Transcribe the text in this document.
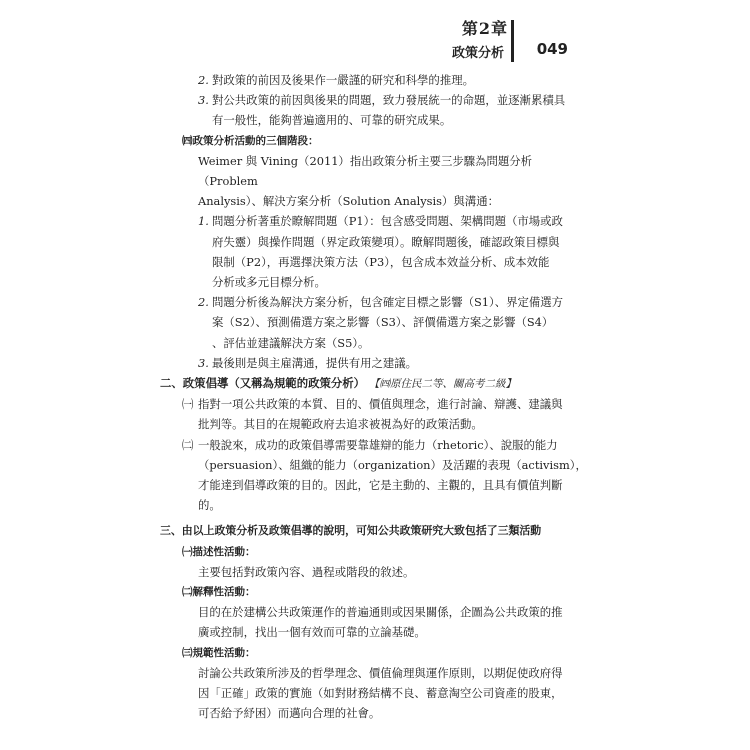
第2章
政策分析 049

2. 對政策的前因及後果作一嚴謹的研究和科學的推理。

3. 對公共政策的前因與後果的問題，致力發展統一的命題，並逐漸累積具

有一般性，能夠普遍適用的、可靠的研究成果。

㈣政策分析活動的三個階段：

Weimer 與 Vining（2011）指出政策分析主要三步驟為問題分析（Problem

Analysis）、解決方案分析（Solution Analysis）與溝通：

1. 問題分析著重於瞭解問題（P1）：包含感受問題、架構問題（市場或政

府失靈）與操作問題（界定政策變項）。瞭解問題後，確認政策目標與

限制（P2），再選擇決策方法（P3），包含成本效益分析、成本效能

分析或多元目標分析。

2. 問題分析後為解決方案分析，包含確定目標之影響（S1）、界定備選方

案（S2）、預測備選方案之影響（S3）、評價備選方案之影響（S4）

、評估並建議解決方案（S5）。

3. 最後則是與主雇溝通，提供有用之建議。

二、政策倡導（又稱為規範的政策分析） 【㈣原住民二等、關高考二級】

㈠ 指對一項公共政策的本質、目的、價值與理念，進行討論、辯護、建議與

批判等。其目的在規範政府去追求被視為好的政策活動。

㈡ 一般說來，成功的政策倡導需要靠雄辯的能力（rhetoric）、說服的能力

（persuasion）、組織的能力（organization）及活躍的表現（activism），

才能達到倡導政策的目的。因此，它是主動的、主觀的，且具有價值判斷

的。

三、由以上政策分析及政策倡導的說明，可知公共政策研究大致包括了三類活動

㈠描述性活動：

主要包括對政策內容、過程或階段的敘述。

㈡解釋性活動：

目的在於建構公共政策運作的普遍通則或因果關係，企圖為公共政策的推

廣或控制，找出一個有效而可靠的立論基礎。

㈢規範性活動：

討論公共政策所涉及的哲學理念、價值倫理與運作原則，以期促使政府得

因「正確」政策的實施（如對財務結構不良、蓄意淘空公司資產的股東，

可否給予紓困）而邁向合理的社會。
